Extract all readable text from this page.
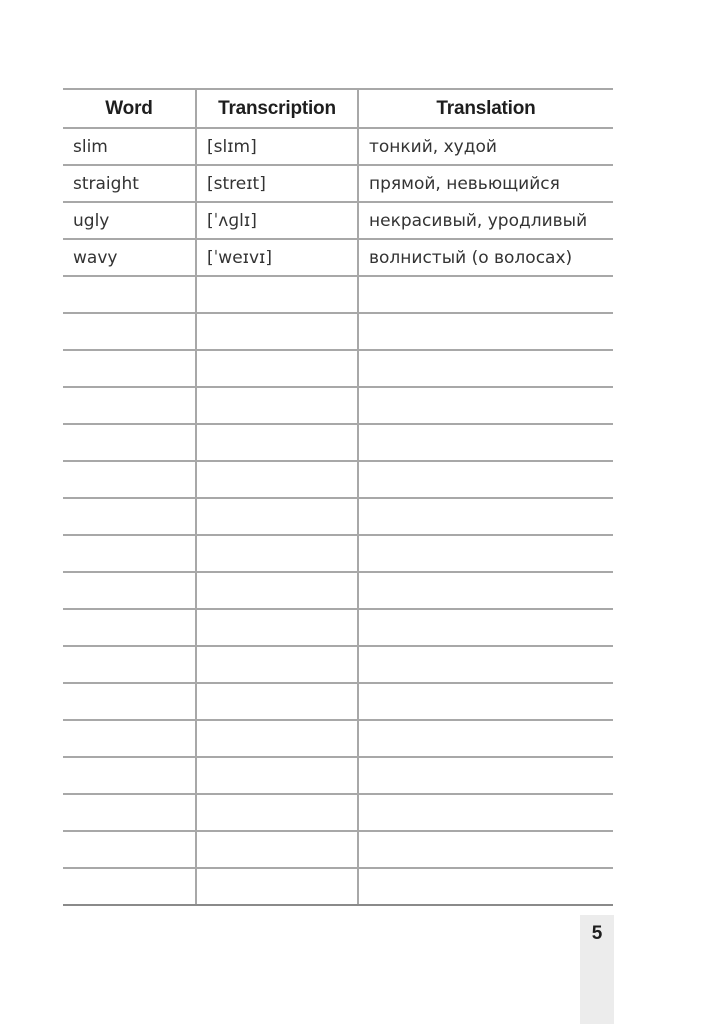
Word	Transcription	Translation
slim	[slɪm]	тонкий, худой
straight	[streɪt]	прямой, невьющийся
ugly	[ˈʌɡlɪ]	некрасивый, уродливый
wavy	[ˈweɪvɪ]	волнистый (о волосах)

5
